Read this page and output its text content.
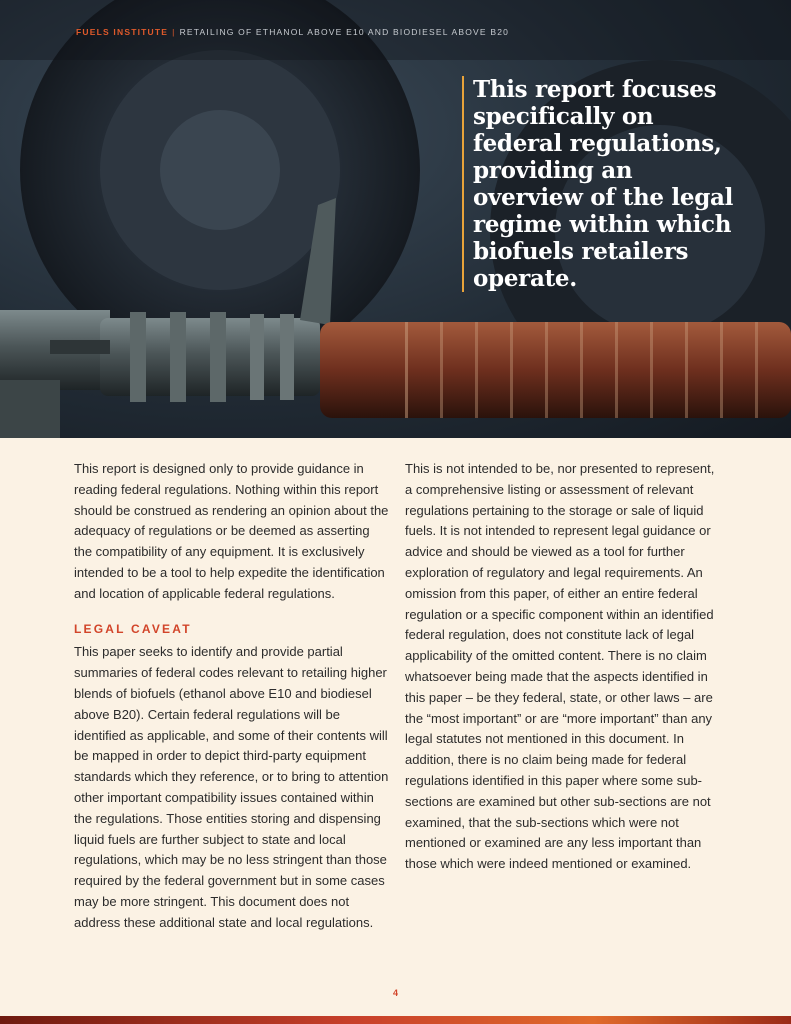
FUELS INSTITUTE | RETAILING OF ETHANOL ABOVE E10 AND BIODIESEL ABOVE B20
This report focuses specifically on federal regulations, providing an overview of the legal regime within which biofuels retailers operate.

This report is designed only to provide guidance in reading federal regulations. Nothing within this report should be construed as rendering an opinion about the adequacy of regulations or be deemed as asserting the compatibility of any equipment. It is exclusively intended to be a tool to help expedite the identification and location of applicable federal regulations.

LEGAL CAVEAT

This paper seeks to identify and provide partial summaries of federal codes relevant to retailing higher blends of biofuels (ethanol above E10 and biodiesel above B20). Certain federal regulations will be identified as applicable, and some of their contents will be mapped in order to depict third-party equipment standards which they reference, or to bring to attention other important compatibility issues contained within the regulations. Those entities storing and dispensing liquid fuels are further subject to state and local regulations, which may be no less stringent than those required by the federal government but in some cases may be more stringent. This document does not address these additional state and local regulations.

This is not intended to be, nor presented to represent, a comprehensive listing or assessment of relevant regulations pertaining to the storage or sale of liquid fuels. It is not intended to represent legal guidance or advice and should be viewed as a tool for further exploration of regulatory and legal requirements. An omission from this paper, of either an entire federal regulation or a specific component within an identified federal regulation, does not constitute lack of legal applicability of the omitted content. There is no claim whatsoever being made that the aspects identified in this paper – be they federal, state, or other laws – are the “most important” or are “more important” than any legal statutes not mentioned in this document. In addition, there is no claim being made for federal regulations identified in this paper where some sub-sections are examined but other sub-sections are not examined, that the sub-sections which were not mentioned or examined are any less important than those which were indeed mentioned or examined.

4
